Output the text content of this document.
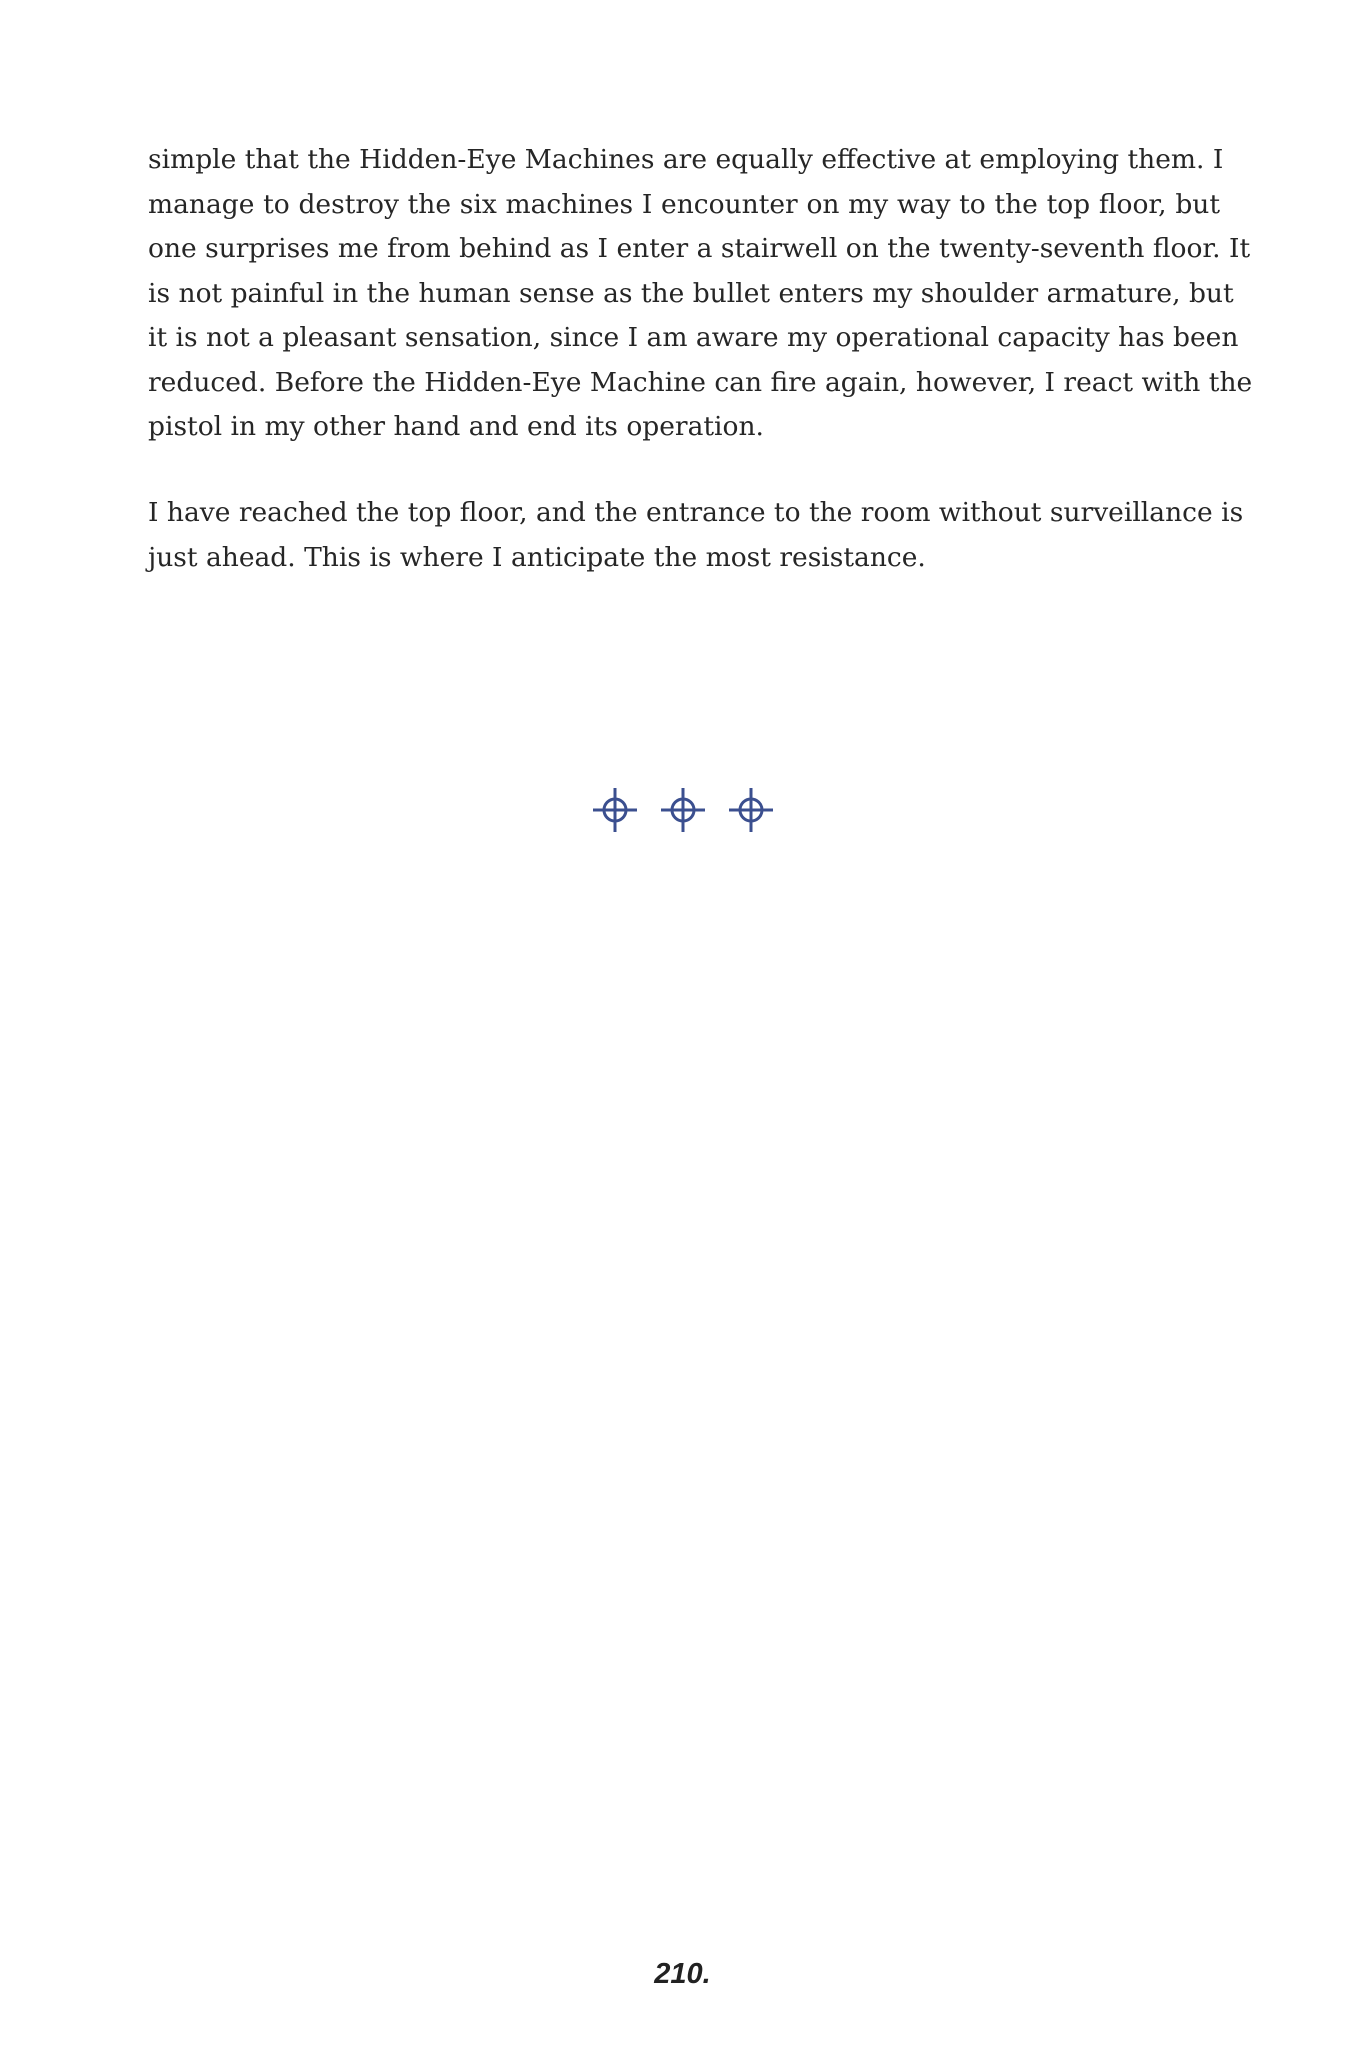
simple that the Hidden-Eye Machines are equally effective at employing them. I
manage to destroy the six machines I encounter on my way to the top floor, but
one surprises me from behind as I enter a stairwell on the twenty-seventh floor. It
is not painful in the human sense as the bullet enters my shoulder armature, but
it is not a pleasant sensation, since I am aware my operational capacity has been
reduced. Before the Hidden-Eye Machine can fire again, however, I react with the
pistol in my other hand and end its operation.

I have reached the top floor, and the entrance to the room without surveillance is
just ahead. This is where I anticipate the most resistance.

210.
